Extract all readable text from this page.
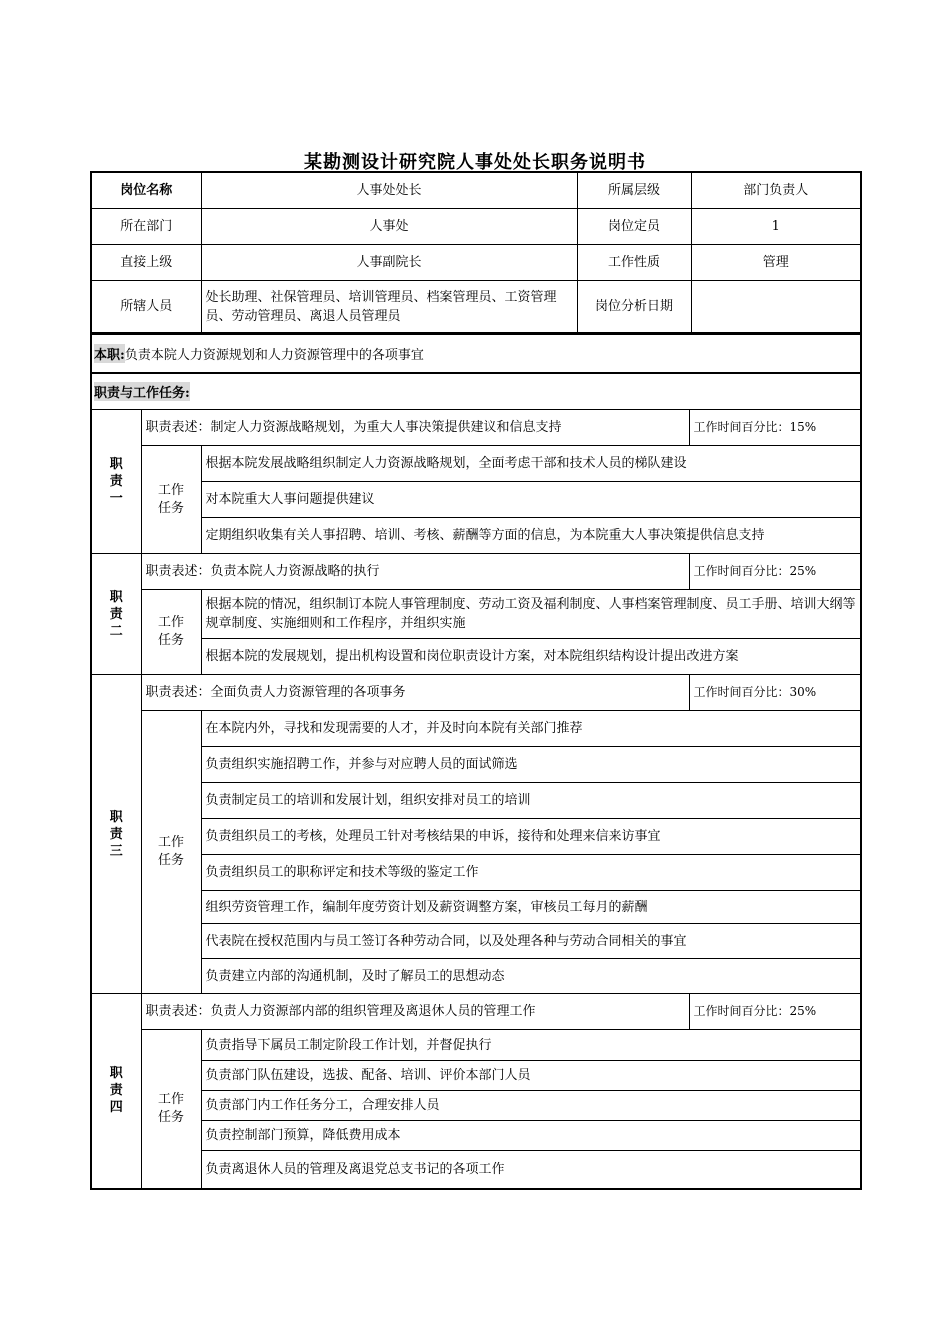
某勘测设计研究院人事处处长职务说明书
岗位名称	人事处处长	所属层级	部门负责人
所在部门	人事处	岗位定员	1
直接上级	人事副院长	工作性质	管理
所辖人员	处长助理、社保管理员、培训管理员、档案管理员、工资管理员、劳动管理员、离退人员管理员	岗位分析日期	
本职: 负责本院人力资源规划和人力资源管理中的各项事宜
职责与工作任务:
职
责
一	职责表述：制定人力资源战略规划，为重大人事决策提供建议和信息支持		工作时间百分比：15%

	工作
任务	根据本院发展战略组织制定人力资源战略规划，全面考虑干部和技术人员的梯队建设	
		对本院重大人事问题提供建议	
		定期组织收集有关人事招聘、培训、考核、薪酬等方面的信息，为本院重大人事决策提供信息支持	

职
责
二	职责表述：负责本院人力资源战略的执行		工作时间百分比：25%

	工作
任务	根据本院的情况，组织制订本院人事管理制度、劳动工资及福利制度、人事档案管理制度、员工手册、培训大纲等规章制度、实施细则和工作程序，并组织实施	
		根据本院的发展规划，提出机构设置和岗位职责设计方案，对本院组织结构设计提出改进方案	

职
责
三	职责表述：全面负责人力资源管理的各项事务		工作时间百分比：30%

	工作
任务	在本院内外，寻找和发现需要的人才，并及时向本院有关部门推荐	
		负责组织实施招聘工作，并参与对应聘人员的面试筛选	
		负责制定员工的培训和发展计划，组织安排对员工的培训	
		负责组织员工的考核，处理员工针对考核结果的申诉，接待和处理来信来访事宜	
		负责组织员工的职称评定和技术等级的鉴定工作	
		组织劳资管理工作，编制年度劳资计划及薪资调整方案，审核员工每月的薪酬	
		代表院在授权范围内与员工签订各种劳动合同，以及处理各种与劳动合同相关的事宜	
		负责建立内部的沟通机制，及时了解员工的思想动态	

职
责
四	职责表述：负责人力资源部内部的组织管理及离退休人员的管理工作		工作时间百分比：25%

	工作
任务	负责指导下属员工制定阶段工作计划，并督促执行	
		负责部门队伍建设，选拔、配备、培训、评价本部门人员	
		负责部门内工作任务分工，合理安排人员	
		负责控制部门预算，降低费用成本	
		负责离退休人员的管理及离退党总支书记的各项工作	
